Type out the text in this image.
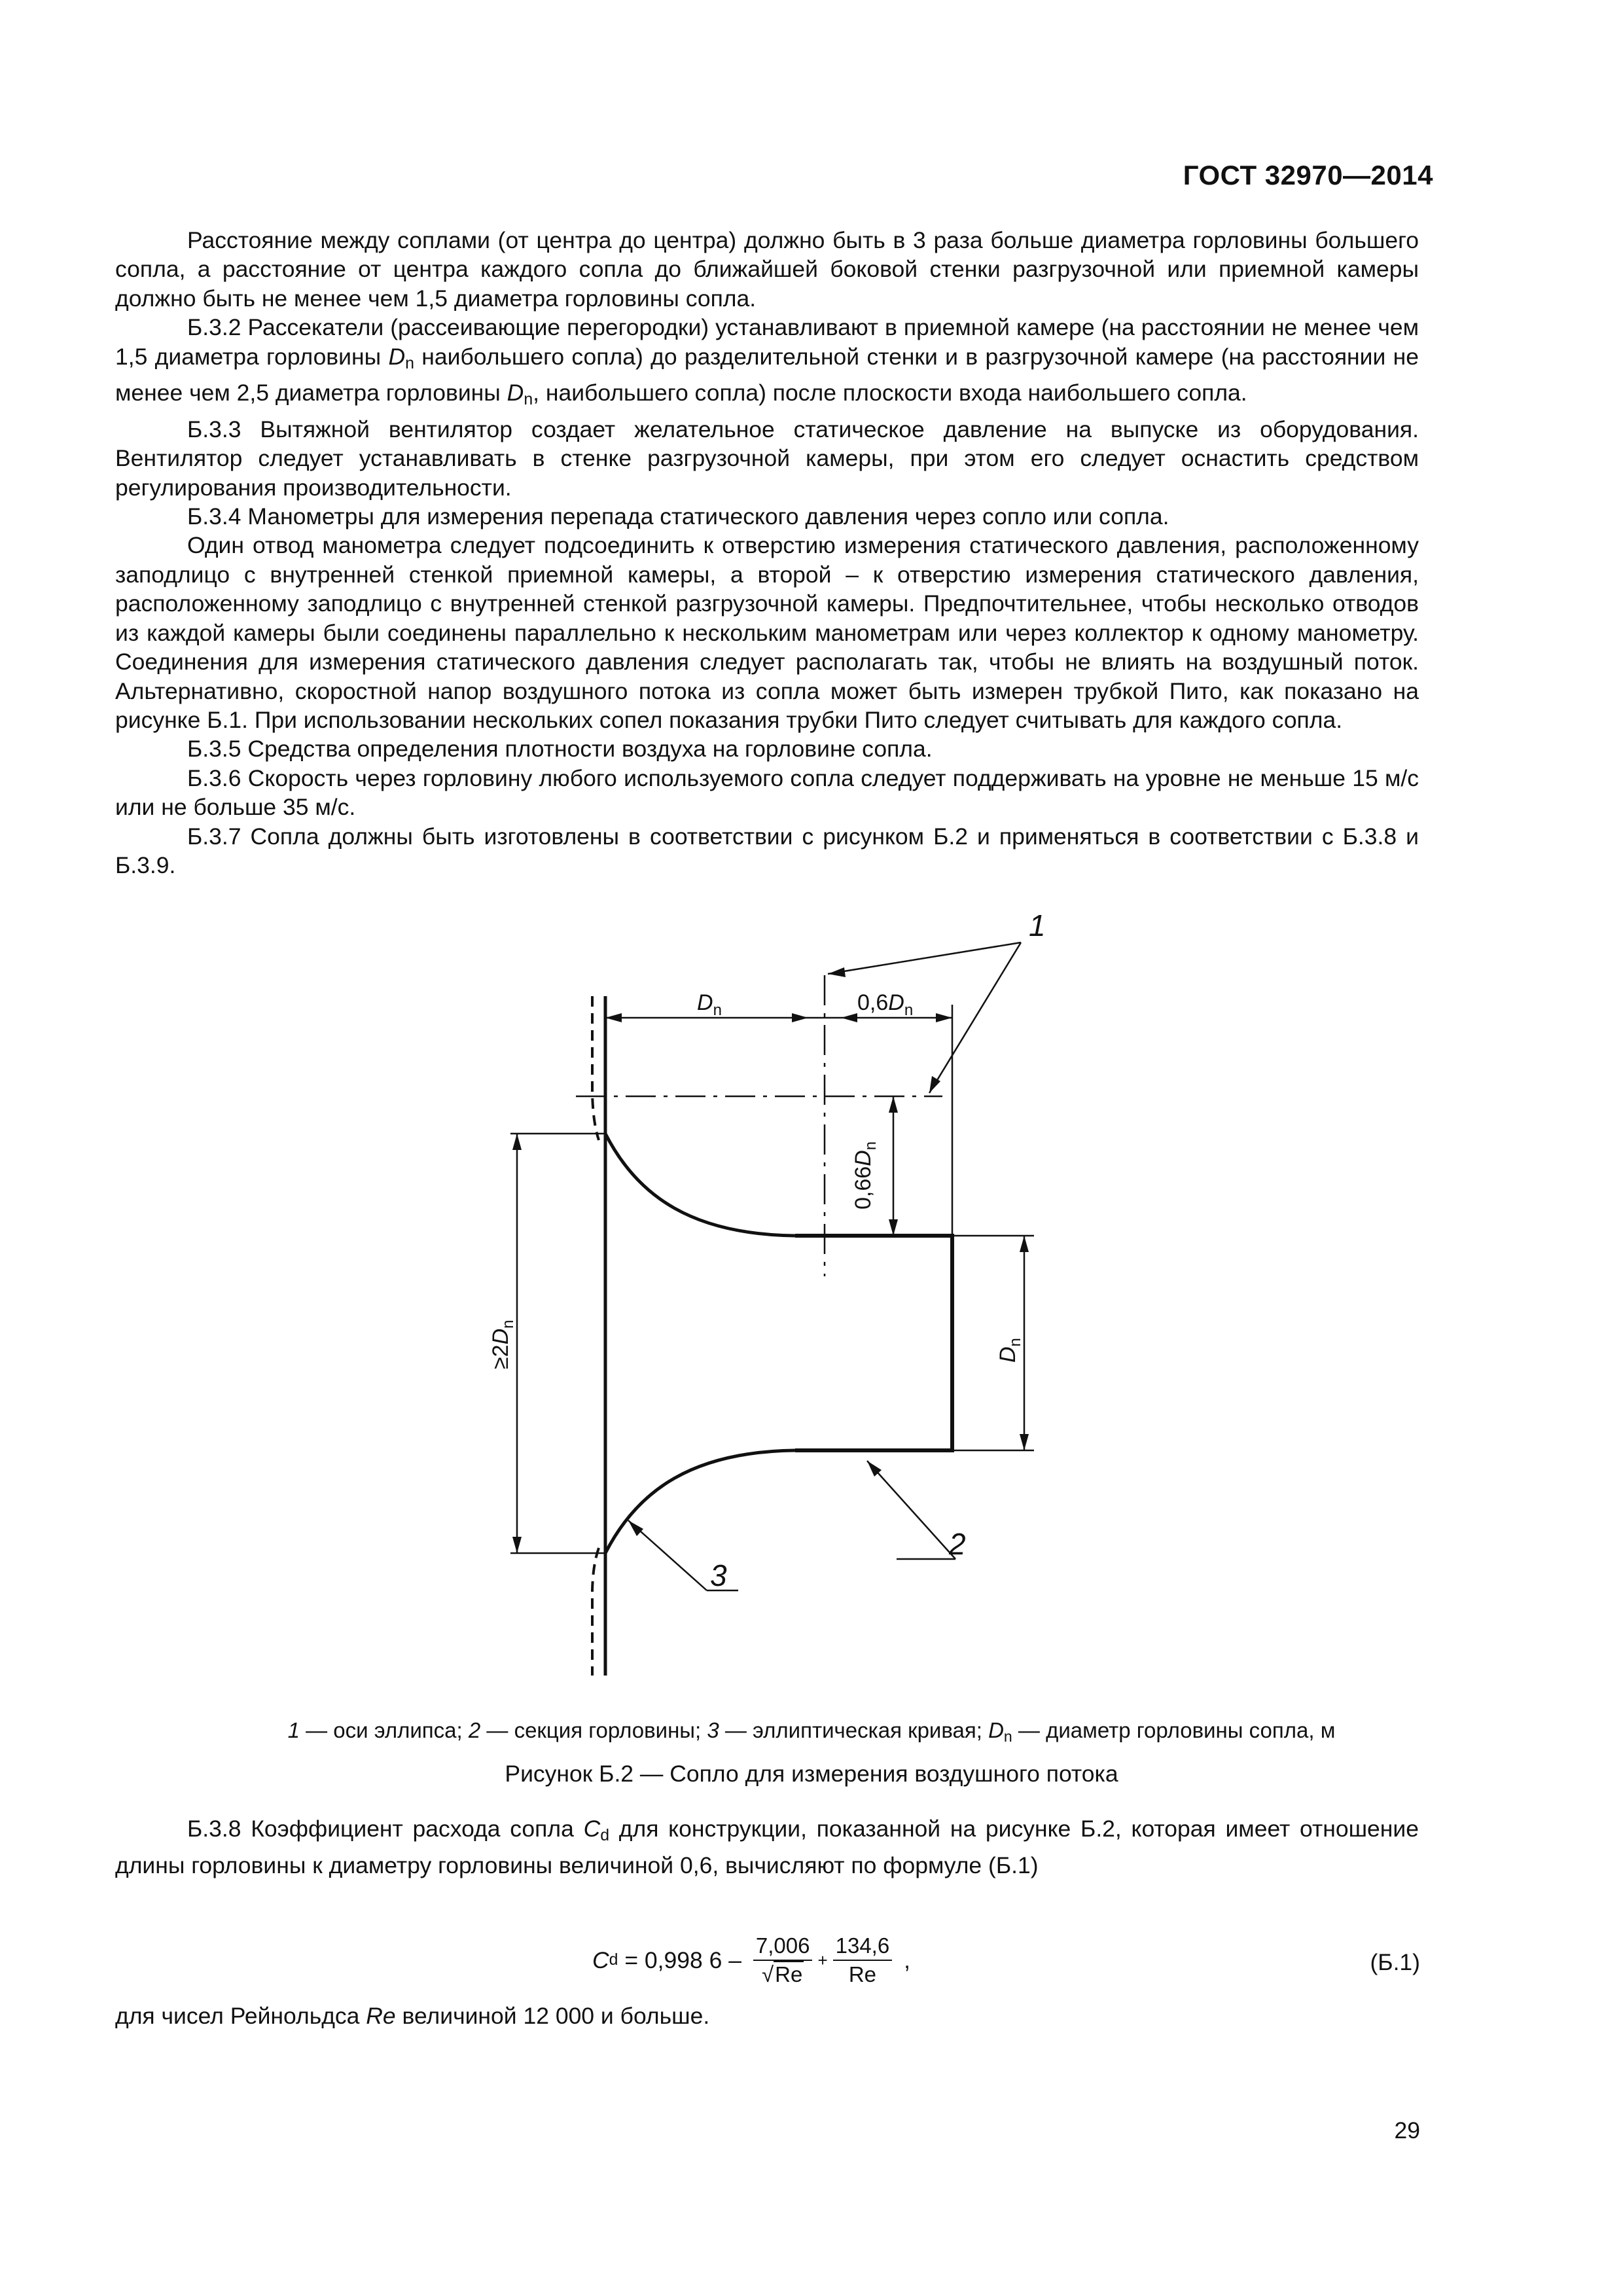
ГОСТ 32970—2014

Расстояние между соплами (от центра до центра) должно быть в 3 раза больше диаметра горловины большего сопла, а расстояние от центра каждого сопла до ближайшей боковой стенки разгрузочной или приемной камеры должно быть не менее чем 1,5 диаметра горловины сопла.

Б.3.2 Рассекатели (рассеивающие перегородки) устанавливают в приемной камере (на расстоянии не менее чем 1,5 диаметра горловины $D_n$ наибольшего сопла) до разделительной стенки и в разгрузочной камере (на расстоянии не менее чем 2,5 диаметра горловины $D_n$, наибольшего сопла) после плоскости входа наибольшего сопла.

Б.3.3 Вытяжной вентилятор создает желательное статическое давление на выпуске из оборудования. Вентилятор следует устанавливать в стенке разгрузочной камеры, при этом его следует оснастить средством регулирования производительности.

Б.3.4 Манометры для измерения перепада статического давления через сопло или сопла.

Один отвод манометра следует подсоединить к отверстию измерения статического давления, расположенному заподлицо с внутренней стенкой приемной камеры, а второй – к отверстию измерения статического давления, расположенному заподлицо с внутренней стенкой разгрузочной камеры. Предпочтительнее, чтобы несколько отводов из каждой камеры были соединены параллельно к нескольким манометрам или через коллектор к одному манометру. Соединения для измерения статического давления следует располагать так, чтобы не влиять на воздушный поток. Альтернативно, скоростной напор воздушного потока из сопла может быть измерен трубкой Пито, как показано на рисунке Б.1. При использовании нескольких сопел показания трубки Пито следует считывать для каждого сопла.

Б.3.5 Средства определения плотности воздуха на горловине сопла.

Б.3.6 Скорость через горловину любого используемого сопла следует поддерживать на уровне не меньше 15 м/с или не больше 35 м/с.

Б.3.7 Сопла должны быть изготовлены в соответствии с рисунком Б.2 и применяться в соответствии с Б.3.8 и Б.3.9.

$D_n$	$0,6D_n$
$0,66D_n$
$\ge 2D_n$
$D_n$
1
2
3
1 — оси эллипса; 2 — секция горловины; 3 — эллиптическая кривая; $D_n$ — диаметр горловины сопла, м
Рисунок Б.2 — Сопло для измерения воздушного потока

Б.3.8 Коэффициент расхода сопла $C_d$ для конструкции, показанной на рисунке Б.2, которая имеет отношение длины горловины к диаметру горловины величиной 0,6, вычисляют по формуле (Б.1)

C d = 0,998 $6 - \frac{7,006}{√Re} + \frac{134,6}{Re}$ ,	(Б.1)
для чисел Рейнольдса Re величиной 12 000 и больше.
29
